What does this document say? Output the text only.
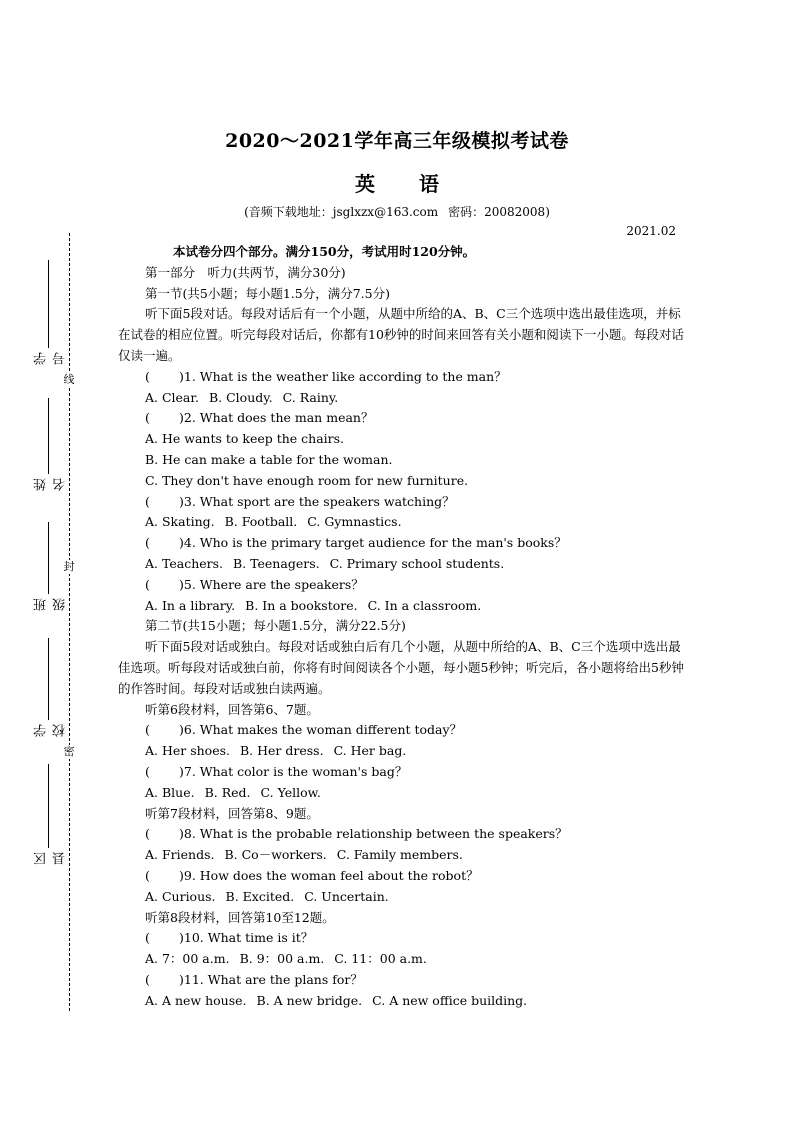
2020～2021学年高三年级模拟考试卷
英 语
(音频下载地址：jsglxzx@163.com 密码：20082008)
2021.02
线
封
密
学号
姓名
班级
学校
区县
本试卷分四个部分。满分150分，考试用时120分钟。
第一部分　听力(共两节，满分30分)
第一节(共5小题；每小题1.5分，满分7.5分)
听下面5段对话。每段对话后有一个小题，从题中所给的A、B、C三个选项中选出最佳选项，并标在试卷的相应位置。听完每段对话后，你都有10秒钟的时间来回答有关小题和阅读下一小题。每段对话仅读一遍。
( )1. What is the weather like according to the man？
A. Clear. B. Cloudy. C. Rainy.
( )2. What does the man mean？
A. He wants to keep the chairs.
B. He can make a table for the woman.
C. They don't have enough room for new furniture.
( )3. What sport are the speakers watching？
A. Skating. B. Football. C. Gymnastics.
( )4. Who is the primary target audience for the man's books？
A. Teachers. B. Teenagers. C. Primary school students.
( )5. Where are the speakers？
A. In a library. B. In a bookstore. C. In a classroom.
第二节(共15小题；每小题1.5分，满分22.5分)
听下面5段对话或独白。每段对话或独白后有几个小题，从题中所给的A、B、C三个选项中选出最佳选项。听每段对话或独白前，你将有时间阅读各个小题，每小题5秒钟；听完后，各小题将给出5秒钟的作答时间。每段对话或独白读两遍。
听第6段材料，回答第6、7题。
( )6. What makes the woman different today？
A. Her shoes. B. Her dress. C. Her bag.
( )7. What color is the woman's bag？
A. Blue. B. Red. C. Yellow.
听第7段材料，回答第8、9题。
( )8. What is the probable relationship between the speakers？
A. Friends. B. Co－workers. C. Family members.
( )9. How does the woman feel about the robot？
A. Curious. B. Excited. C. Uncertain.
听第8段材料，回答第10至12题。
( )10. What time is it？
A. 7：00 a.m. B. 9：00 a.m. C. 11：00 a.m.
( )11. What are the plans for？
A. A new house. B. A new bridge. C. A new office building.
